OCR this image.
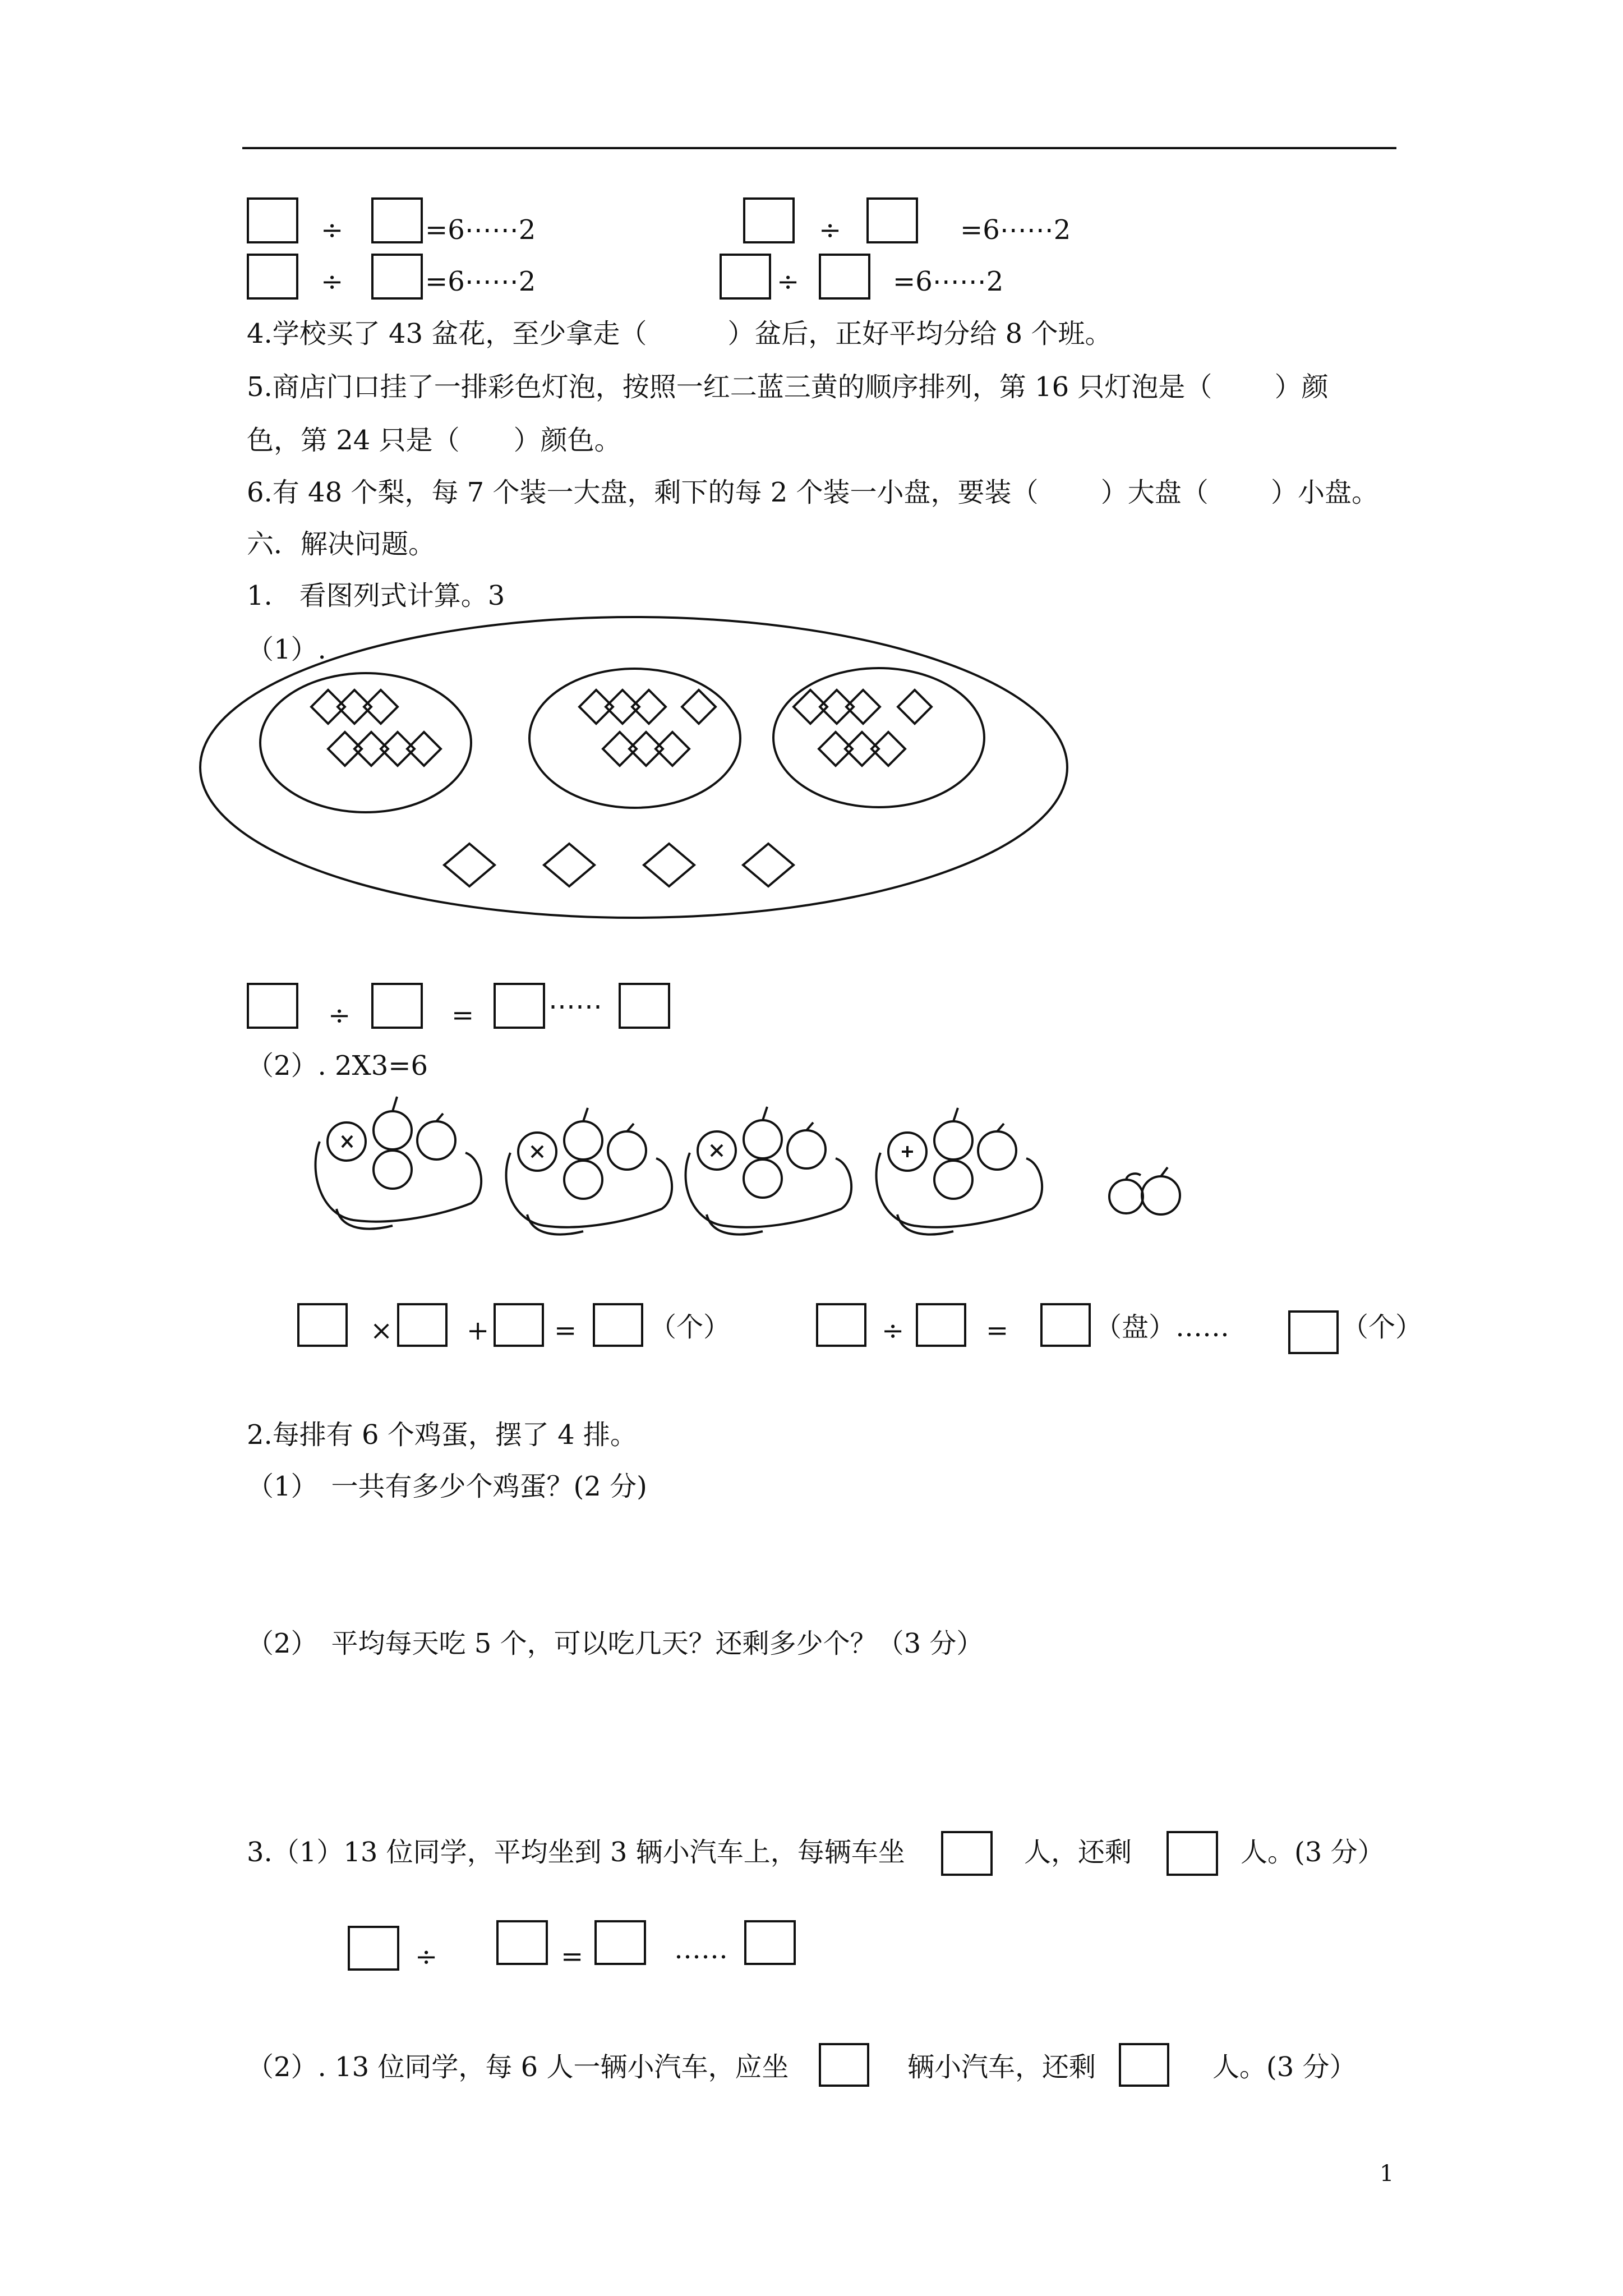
÷	=6⋯⋯2	÷	=6⋯⋯2
÷	=6⋯⋯2	÷	=6⋯⋯2
4.学校买了 43 盆花，至少拿走（　　　）盆后，正好平均分给 8 个班。
5.商店门口挂了一排彩色灯泡，按照一红二蓝三黄的顺序排列，第 16 只灯泡是（　　 ）颜
色，第 24 只是（　　）颜色。
6.有 48 个梨，每 7 个装一大盘，剩下的每 2 个装一小盘，要装（　　 ）大盘（　　 ）小盘。
六．解决问题。
1.　看图列式计算。3
（1）.
÷	=	⋯⋯
（2）. 2X3=6
×	+ =	（个）	÷	=	（盘）……	（个）
2.每排有 6 个鸡蛋，摆了 4 排。
（1）　一共有多少个鸡蛋？(2 分)
（2）　平均每天吃 5 个，可以吃几天？还剩多少个？（3 分）
3.（1）13 位同学，平均坐到 3 辆小汽车上，每辆车坐	人，还剩	人。(3 分）
÷	=	……
（2）. 13 位同学，每 6 人一辆小汽车，应坐	辆小汽车，还剩	人。(3 分）
1
